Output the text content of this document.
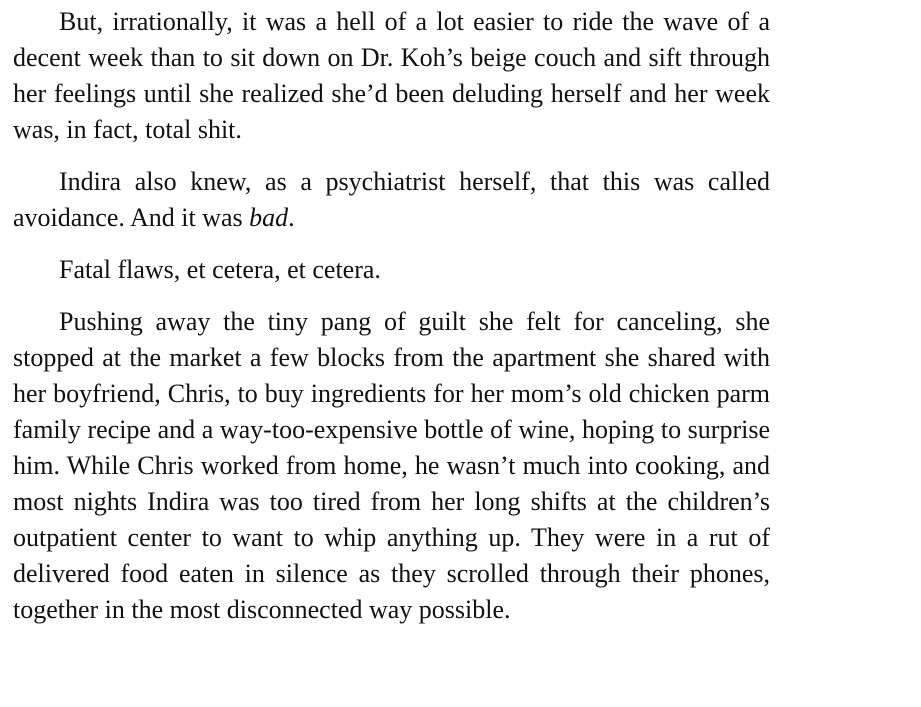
But, irrationally, it was a hell of a lot easier to ride the wave of a decent week than to sit down on Dr. Koh’s beige couch and sift through her feelings until she realized she’d been deluding herself and her week was, in fact, total shit.

Indira also knew, as a psychiatrist herself, that this was called avoidance. And it was bad.

Fatal flaws, et cetera, et cetera.

Pushing away the tiny pang of guilt she felt for canceling, she stopped at the market a few blocks from the apartment she shared with her boyfriend, Chris, to buy ingredients for her mom’s old chicken parm family recipe and a way-too-expensive bottle of wine, hoping to surprise him. While Chris worked from home, he wasn’t much into cooking, and most nights Indira was too tired from her long shifts at the children’s outpatient center to want to whip anything up. They were in a rut of delivered food eaten in silence as they scrolled through their phones, together in the most disconnected way possible.
